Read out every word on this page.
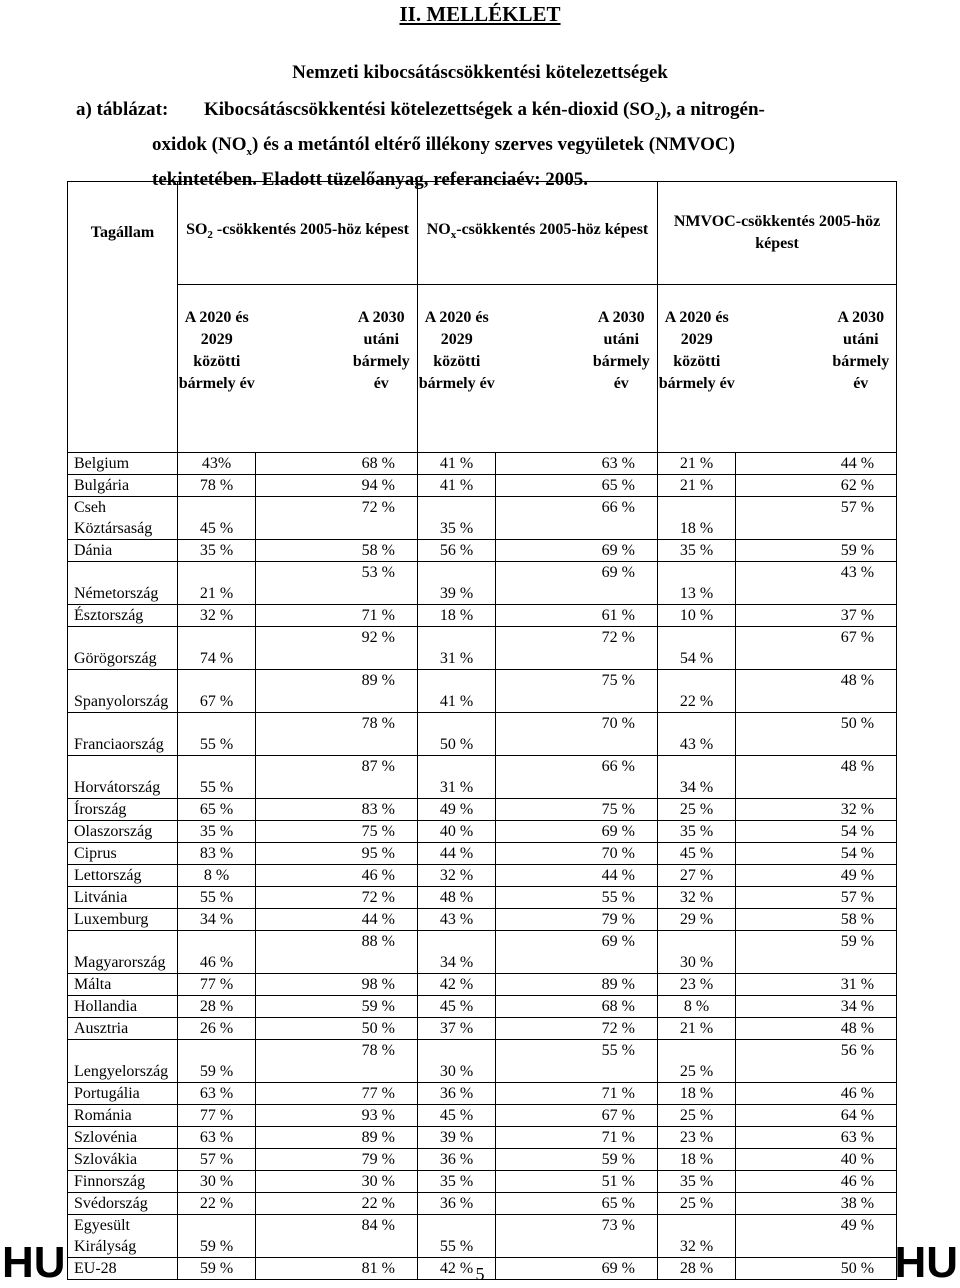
II. MELLÉKLET
Nemzeti kibocsátáscsökkentési kötelezettségek
a) táblázat: Kibocsátáscsökkentési kötelezettségek a kén-dioxid $(SO_2)$, a nitrogén-
oxidok $(NO_x)$ és a metántól eltérő illékony szerves vegyületek (NMVOC)
tekintetében. Eladott tüzelőanyag, referanciaév: 2005.
Tagállam	$SO_2$ -csökkentés 2005-höz képest		$NO_x$-csökkentés 2005-höz képest		NMVOC-csökkentés 2005-höz képest	
	A 2020 és 2029 közötti bármely év	A 2030 utáni bármely év	A 2020 és 2029 közötti bármely év	A 2030 utáni bármely év	A 2020 és 2029 közötti bármely év	A 2030 utáni bármely év
Belgium	43%	68 %	41 %	63 %	21 %	44 %
Bulgária	78 %	94 %	41 %	65 %	21 %	62 %
Cseh Köztársaság	45 %	72 %	35 %	66 %	18 %	57 %
Dánia	35 %	58 %	56 %	69 %	35 %	59 %
Németország	21 %	53 %	39 %	69 %	13 %	43 %
Észtország	32 %	71 %	18 %	61 %	10 %	37 %
Görögország	74 %	92 %	31 %	72 %	54 %	67 %
Spanyolország	67 %	89 %	41 %	75 %	22 %	48 %
Franciaország	55 %	78 %	50 %	70 %	43 %	50 %
Horvátország	55 %	87 %	31 %	66 %	34 %	48 %
Írország	65 %	83 %	49 %	75 %	25 %	32 %
Olaszország	35 %	75 %	40 %	69 %	35 %	54 %
Ciprus	83 %	95 %	44 %	70 %	45 %	54 %
Lettország	8 %	46 %	32 %	44 %	27 %	49 %
Litvánia	55 %	72 %	48 %	55 %	32 %	57 %
Luxemburg	34 %	44 %	43 %	79 %	29 %	58 %
Magyarország	46 %	88 %	34 %	69 %	30 %	59 %
Málta	77 %	98 %	42 %	89 %	23 %	31 %
Hollandia	28 %	59 %	45 %	68 %	8 %	34 %
Ausztria	26 %	50 %	37 %	72 %	21 %	48 %
Lengyelország	59 %	78 %	30 %	55 %	25 %	56 %
Portugália	63 %	77 %	36 %	71 %	18 %	46 %
Románia	77 %	93 %	45 %	67 %	25 %	64 %
Szlovénia	63 %	89 %	39 %	71 %	23 %	63 %
Szlovákia	57 %	79 %	36 %	59 %	18 %	40 %
Finnország	30 %	30 %	35 %	51 %	35 %	46 %
Svédország	22 %	22 %	36 %	65 %	25 %	38 %
Egyesült Királyság	59 %	84 %	55 %	73 %	32 %	49 %
EU-28	59 %	81 %	42 %	69 %	28 %	50 %
HU	HU
5
